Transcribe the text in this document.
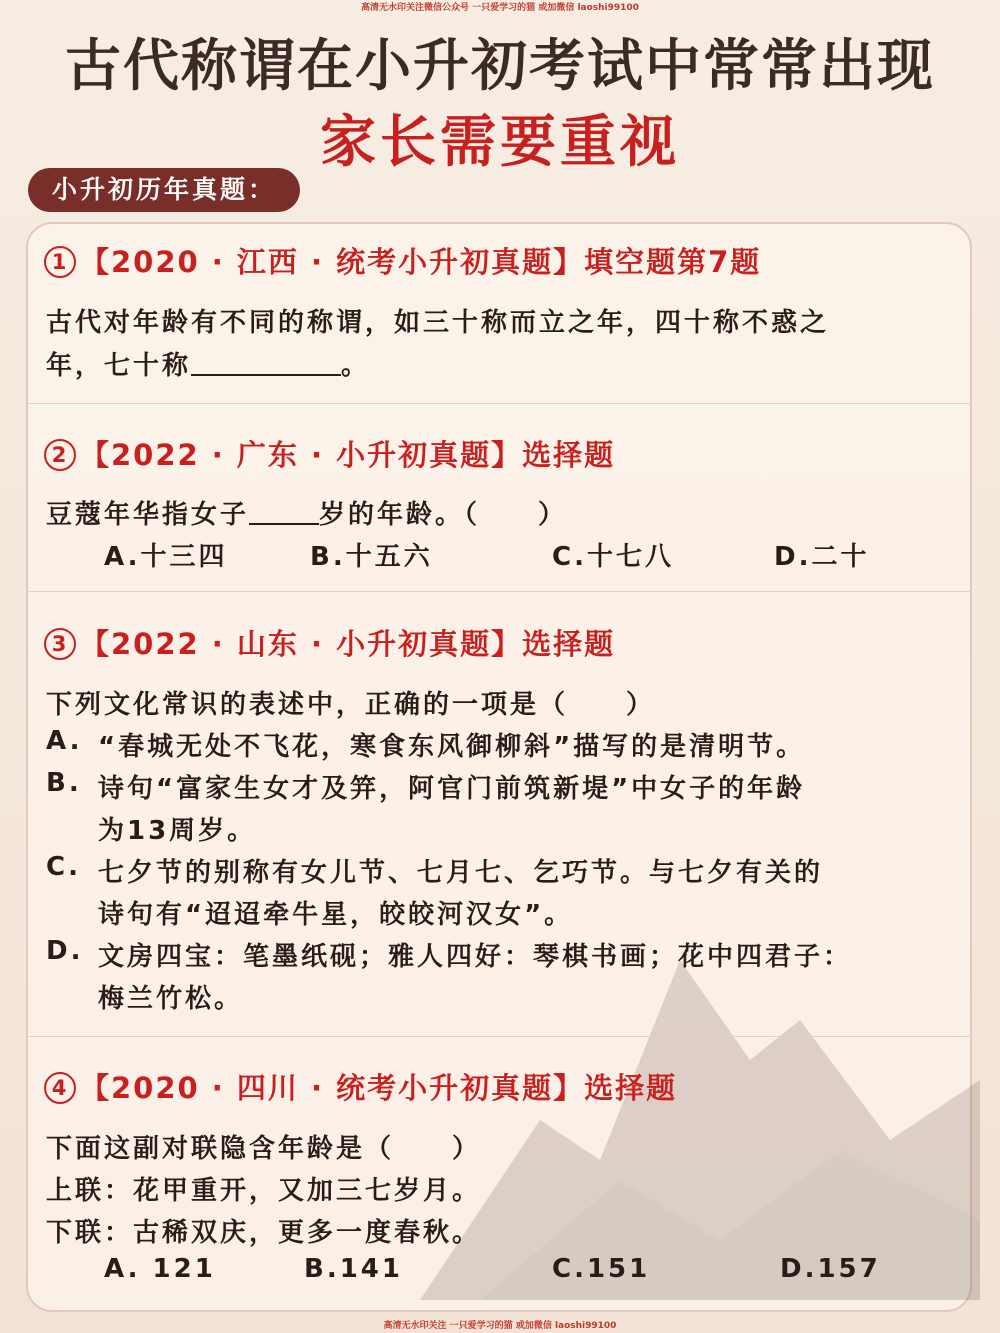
高清无水印关注微信公众号 一只爱学习的猫 或加微信 laoshi99100
古代称谓在小升初考试中常常出现
家长需要重视
小升初历年真题：
1 【2020 · 江西 · 统考小升初真题】填空题第7题
古代对年龄有不同的称谓，如三十称而立之年，四十称不惑之
年，七十称	。
2 【2022 · 广东 · 小升初真题】选择题
豆蔻年华指女子	岁的年龄。（　　）
A.十三四	B.十五六	C.十七八	D.二十
3 【2022 · 山东 · 小升初真题】选择题
下列文化常识的表述中，正确的一项是（　　）
A. “春城无处不飞花，寒食东风御柳斜”描写的是清明节。
B. 诗句“富家生女才及笄，阿官门前筑新堤”中女子的年龄
为13周岁。
C. 七夕节的别称有女儿节、七月七、乞巧节。与七夕有关的
诗句有“迢迢牵牛星，皎皎河汉女”。
D. 文房四宝：笔墨纸砚；雅人四好：琴棋书画；花中四君子：
梅兰竹松。
4 【2020 · 四川 · 统考小升初真题】选择题
下面这副对联隐含年龄是（　　）
上联：花甲重开，又加三七岁月。
下联：古稀双庆，更多一度春秋。
A. 121	B.141	C.151	D.157
高清无水印关注 一只爱学习的猫 或加微信 laoshi99100
